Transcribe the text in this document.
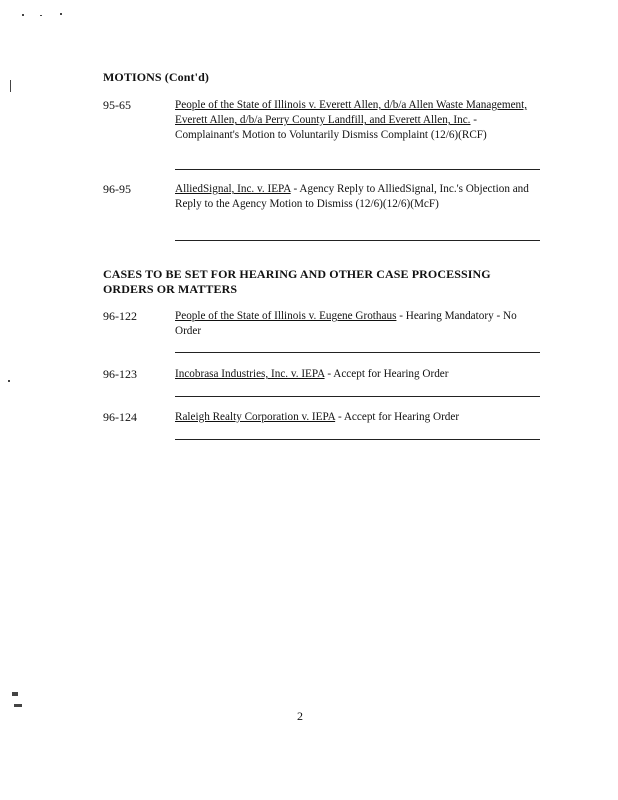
MOTIONS (Cont'd)
95-65	People of the State of Illinois v. Everett Allen, d/b/a Allen Waste Management, Everett Allen, d/b/a Perry County Landfill, and Everett Allen, Inc. - Complainant's Motion to Voluntarily Dismiss Complaint (12/6)(RCF)
96-95	AlliedSignal, Inc. v. IEPA - Agency Reply to AlliedSignal, Inc.'s Objection and Reply to the Agency Motion to Dismiss (12/6)(12/6)(McF)
CASES TO BE SET FOR HEARING AND OTHER CASE PROCESSING
ORDERS OR MATTERS
96-122	People of the State of Illinois v. Eugene Grothaus - Hearing Mandatory - No Order
96-123	Incobrasa Industries, Inc. v. IEPA - Accept for Hearing Order
96-124	Raleigh Realty Corporation v. IEPA - Accept for Hearing Order
2
